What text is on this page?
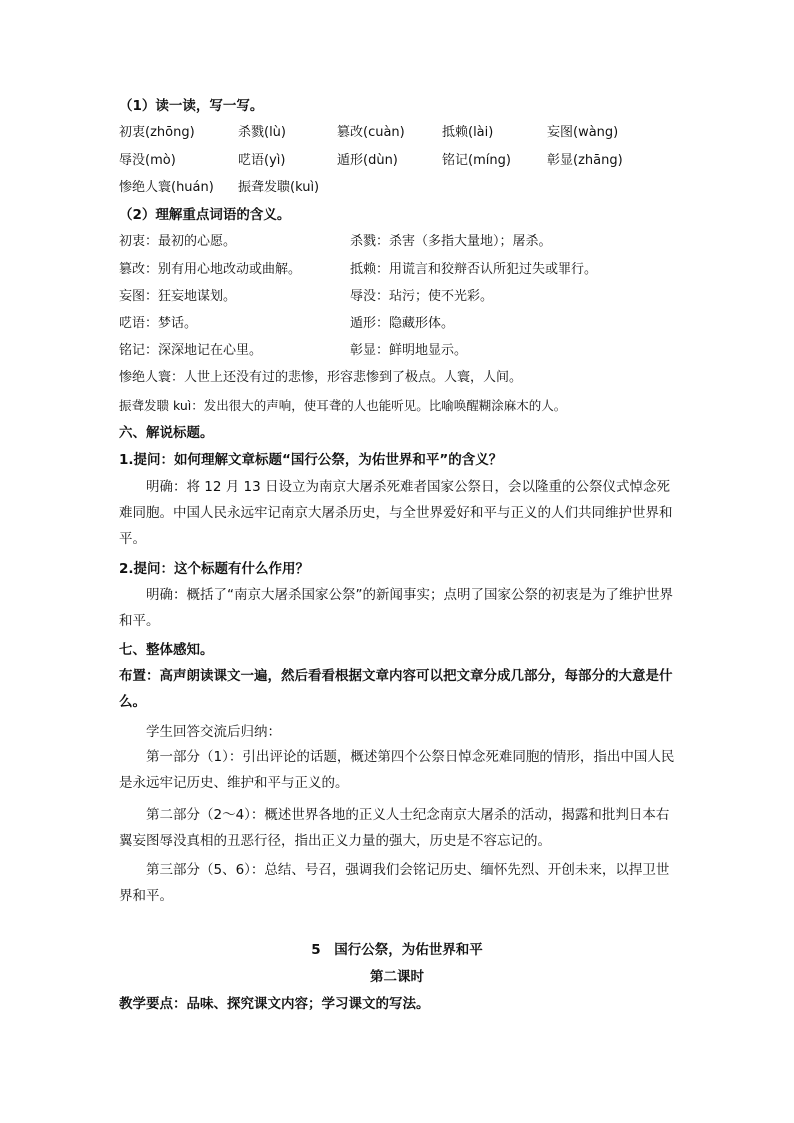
（1）读一读，写一写。
初衷(zhōng)	杀戮(lù)	篡改(cuàn)	抵赖(lài)	妄图(wàng)
辱没(mò)	呓语(yì)	遁形(dùn)	铭记(míng)	彰显(zhāng)
惨绝人寰(huán) 振聋发聩(kuì)
（2）理解重点词语的含义。
初衷：最初的心愿。	杀戮：杀害（多指大量地）；屠杀。
篡改：别有用心地改动或曲解。	抵赖：用谎言和狡辩否认所犯过失或罪行。
妄图：狂妄地谋划。	辱没：玷污；使不光彩。
呓语：梦话。	遁形：隐藏形体。
铭记：深深地记在心里。	彰显：鲜明地显示。
惨绝人寰：人世上还没有过的悲惨，形容悲惨到了极点。人寰，人间。
振聋发聩 kuì：发出很大的声响，使耳聋的人也能听见。比喻唤醒糊涂麻木的人。
六、解说标题。
1.提问：如何理解文章标题“国行公祭，为佑世界和平”的含义？
明确：将 12 月 13 日设立为南京大屠杀死难者国家公祭日，会以隆重的公祭仪式悼念死难同胞。中国人民永远牢记南京大屠杀历史，与全世界爱好和平与正义的人们共同维护世界和平。
2.提问：这个标题有什么作用？
明确：概括了“南京大屠杀国家公祭”的新闻事实；点明了国家公祭的初衷是为了维护世界和平。
七、整体感知。
布置：高声朗读课文一遍，然后看看根据文章内容可以把文章分成几部分，每部分的大意是什么。
学生回答交流后归纳：
第一部分（1）：引出评论的话题，概述第四个公祭日悼念死难同胞的情形，指出中国人民是永远牢记历史、维护和平与正义的。
第二部分（2～4）：概述世界各地的正义人士纪念南京大屠杀的活动，揭露和批判日本右翼妄图辱没真相的丑恶行径，指出正义力量的强大，历史是不容忘记的。
第三部分（5、6）：总结、号召，强调我们会铭记历史、缅怀先烈、开创未来，以捍卫世界和平。
5　国行公祭，为佑世界和平
第二课时
教学要点：品味、探究课文内容；学习课文的写法。
